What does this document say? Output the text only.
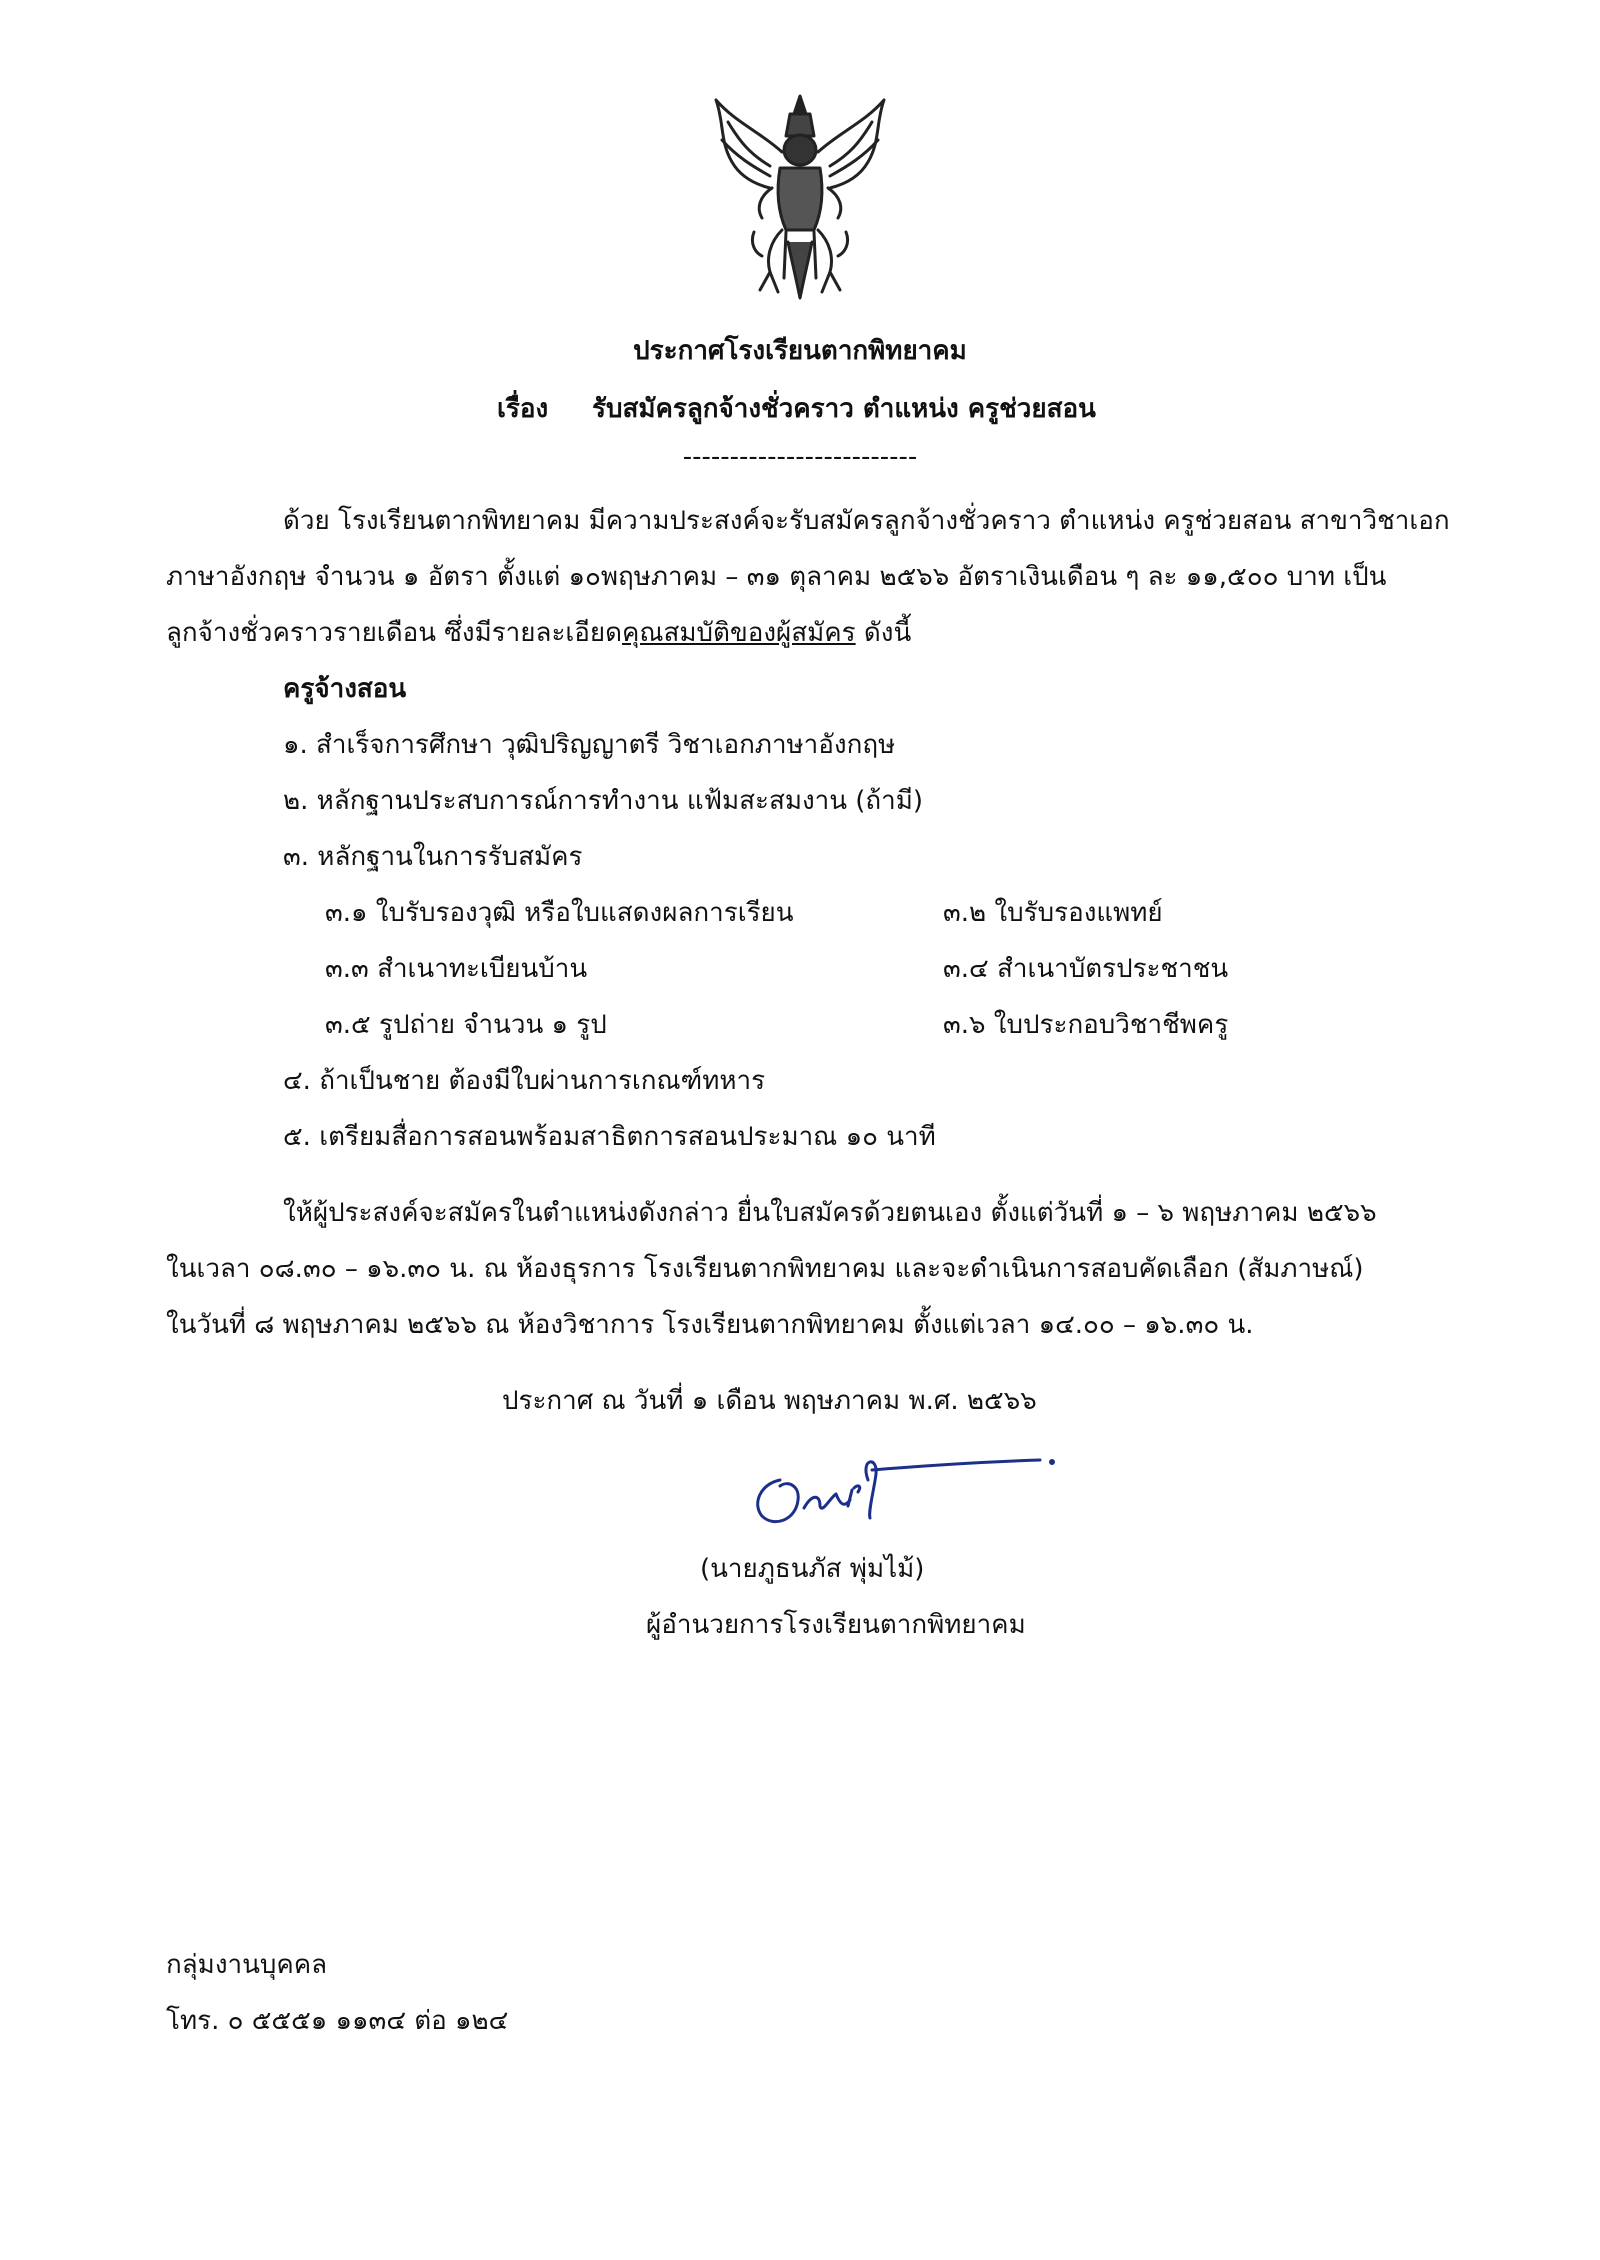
ประกาศโรงเรียนตากพิทยาคม
เรื่อง รับสมัครลูกจ้างชั่วคราว ตำแหน่ง ครูช่วยสอน
-------------------------
ด้วย โรงเรียนตากพิทยาคม มีความประสงค์จะรับสมัครลูกจ้างชั่วคราว ตำแหน่ง ครูช่วยสอน สาขาวิชาเอก
ภาษาอังกฤษ จำนวน ๑ อัตรา ตั้งแต่ ๑๐พฤษภาคม – ๓๑ ตุลาคม ๒๕๖๖ อัตราเงินเดือน ๆ ละ ๑๑,๕๐๐ บาท เป็น
ลูกจ้างชั่วคราวรายเดือน ซึ่งมีรายละเอียดคุณสมบัติของผู้สมัคร ดังนี้
ครูจ้างสอน
๑. สำเร็จการศึกษา วุฒิปริญญาตรี วิชาเอกภาษาอังกฤษ
๒. หลักฐานประสบการณ์การทำงาน แฟ้มสะสมงาน (ถ้ามี)
๓. หลักฐานในการรับสมัคร
๓.๑ ใบรับรองวุฒิ หรือใบแสดงผลการเรียน	๓.๒ ใบรับรองแพทย์
๓.๓ สำเนาทะเบียนบ้าน	๓.๔ สำเนาบัตรประชาชน
๓.๕ รูปถ่าย จำนวน ๑ รูป	๓.๖ ใบประกอบวิชาชีพครู
๔. ถ้าเป็นชาย ต้องมีใบผ่านการเกณฑ์ทหาร
๕. เตรียมสื่อการสอนพร้อมสาธิตการสอนประมาณ ๑๐ นาที
ให้ผู้ประสงค์จะสมัครในตำแหน่งดังกล่าว ยื่นใบสมัครด้วยตนเอง ตั้งแต่วันที่ ๑ – ๖ พฤษภาคม ๒๕๖๖
ในเวลา ๐๘.๓๐ – ๑๖.๓๐ น. ณ ห้องธุรการ โรงเรียนตากพิทยาคม และจะดำเนินการสอบคัดเลือก (สัมภาษณ์)
ในวันที่ ๘ พฤษภาคม ๒๕๖๖ ณ ห้องวิชาการ โรงเรียนตากพิทยาคม ตั้งแต่เวลา ๑๔.๐๐ – ๑๖.๓๐ น.
ประกาศ ณ วันที่ ๑ เดือน พฤษภาคม พ.ศ. ๒๕๖๖
(นายภูธนภัส พุ่มไม้)
ผู้อำนวยการโรงเรียนตากพิทยาคม
กลุ่มงานบุคคล
โทร. ๐ ๕๕๕๑ ๑๑๓๔ ต่อ ๑๒๔
